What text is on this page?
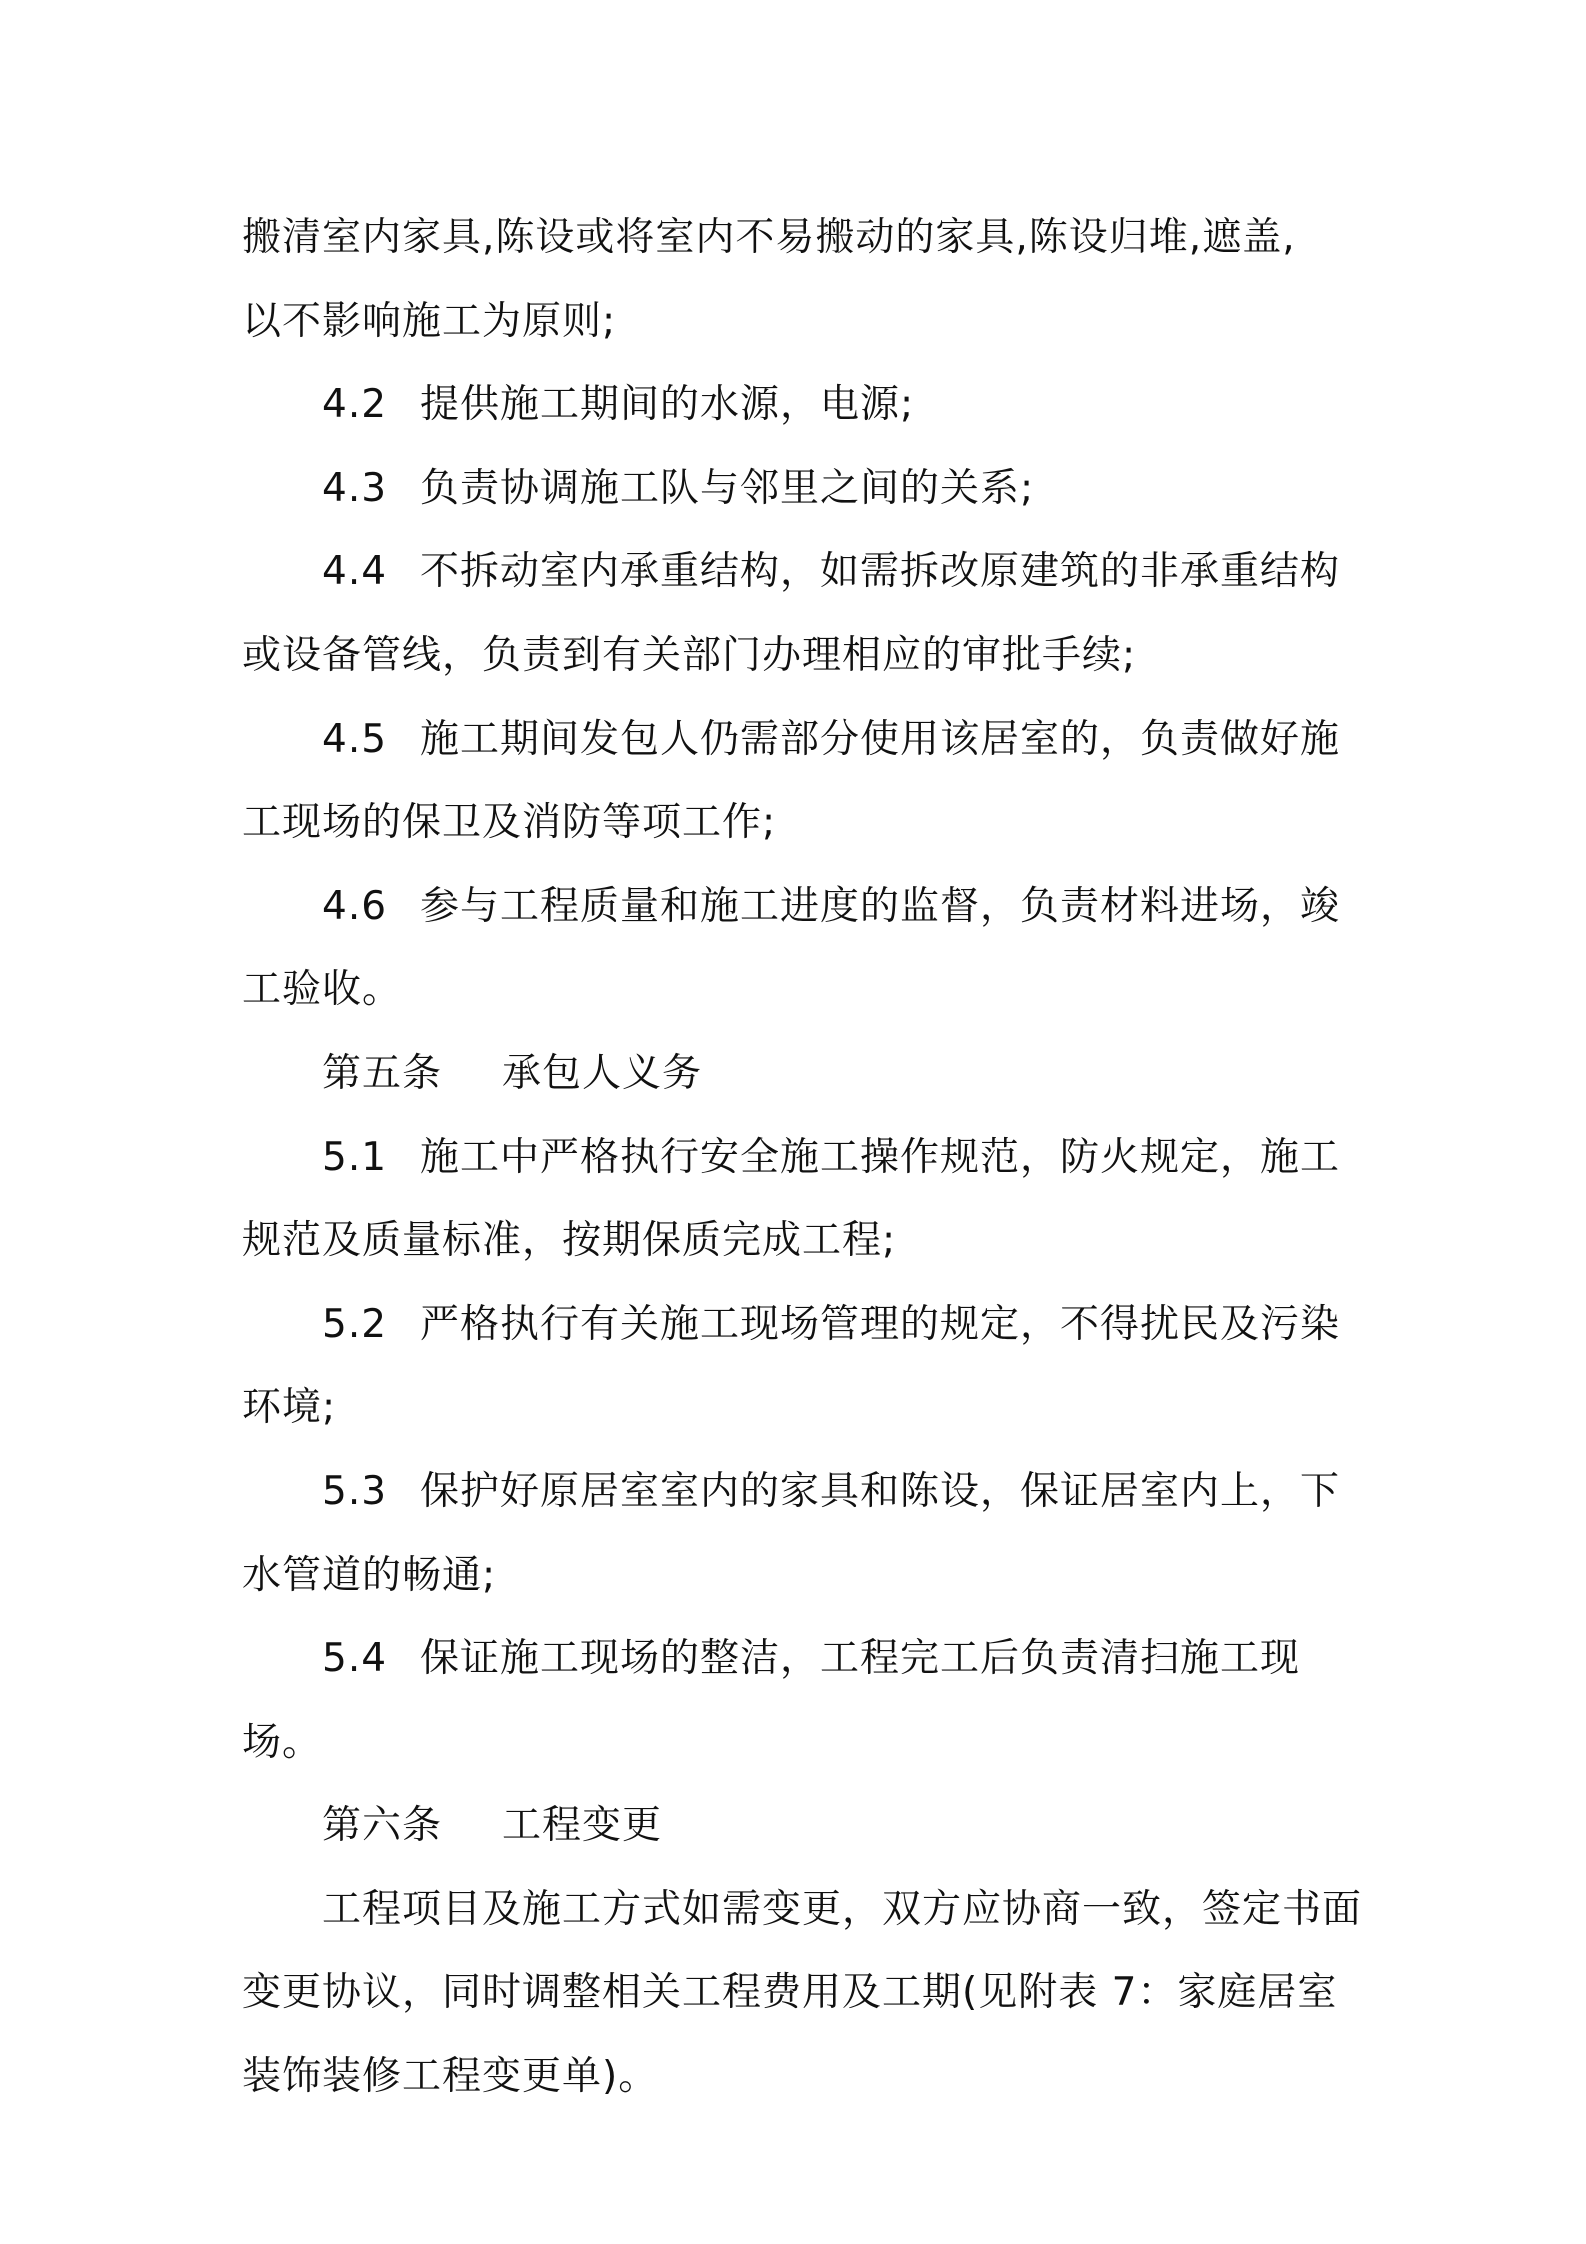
搬清室内家具,陈设或将室内不易搬动的家具,陈设归堆,遮盖,

以不影响施工为原则;

4.2 提供施工期间的水源，电源;

4.3 负责协调施工队与邻里之间的关系;

4.4 不拆动室内承重结构，如需拆改原建筑的非承重结构或设备管线，负责到有关部门办理相应的审批手续;

4.5 施工期间发包人仍需部分使用该居室的，负责做好施工现场的保卫及消防等项工作;

4.6 参与工程质量和施工进度的监督，负责材料进场，竣工验收。

第五条 承包人义务

5.1 施工中严格执行安全施工操作规范，防火规定，施工规范及质量标准，按期保质完成工程;

5.2 严格执行有关施工现场管理的规定，不得扰民及污染环境;

5.3 保护好原居室室内的家具和陈设，保证居室内上，下水管道的畅通;

5.4 保证施工现场的整洁，工程完工后负责清扫施工现场。

第六条 工程变更

工程项目及施工方式如需变更，双方应协商一致，签定书面变更协议，同时调整相关工程费用及工期(见附表 7：家庭居室装饰装修工程变更单)。
